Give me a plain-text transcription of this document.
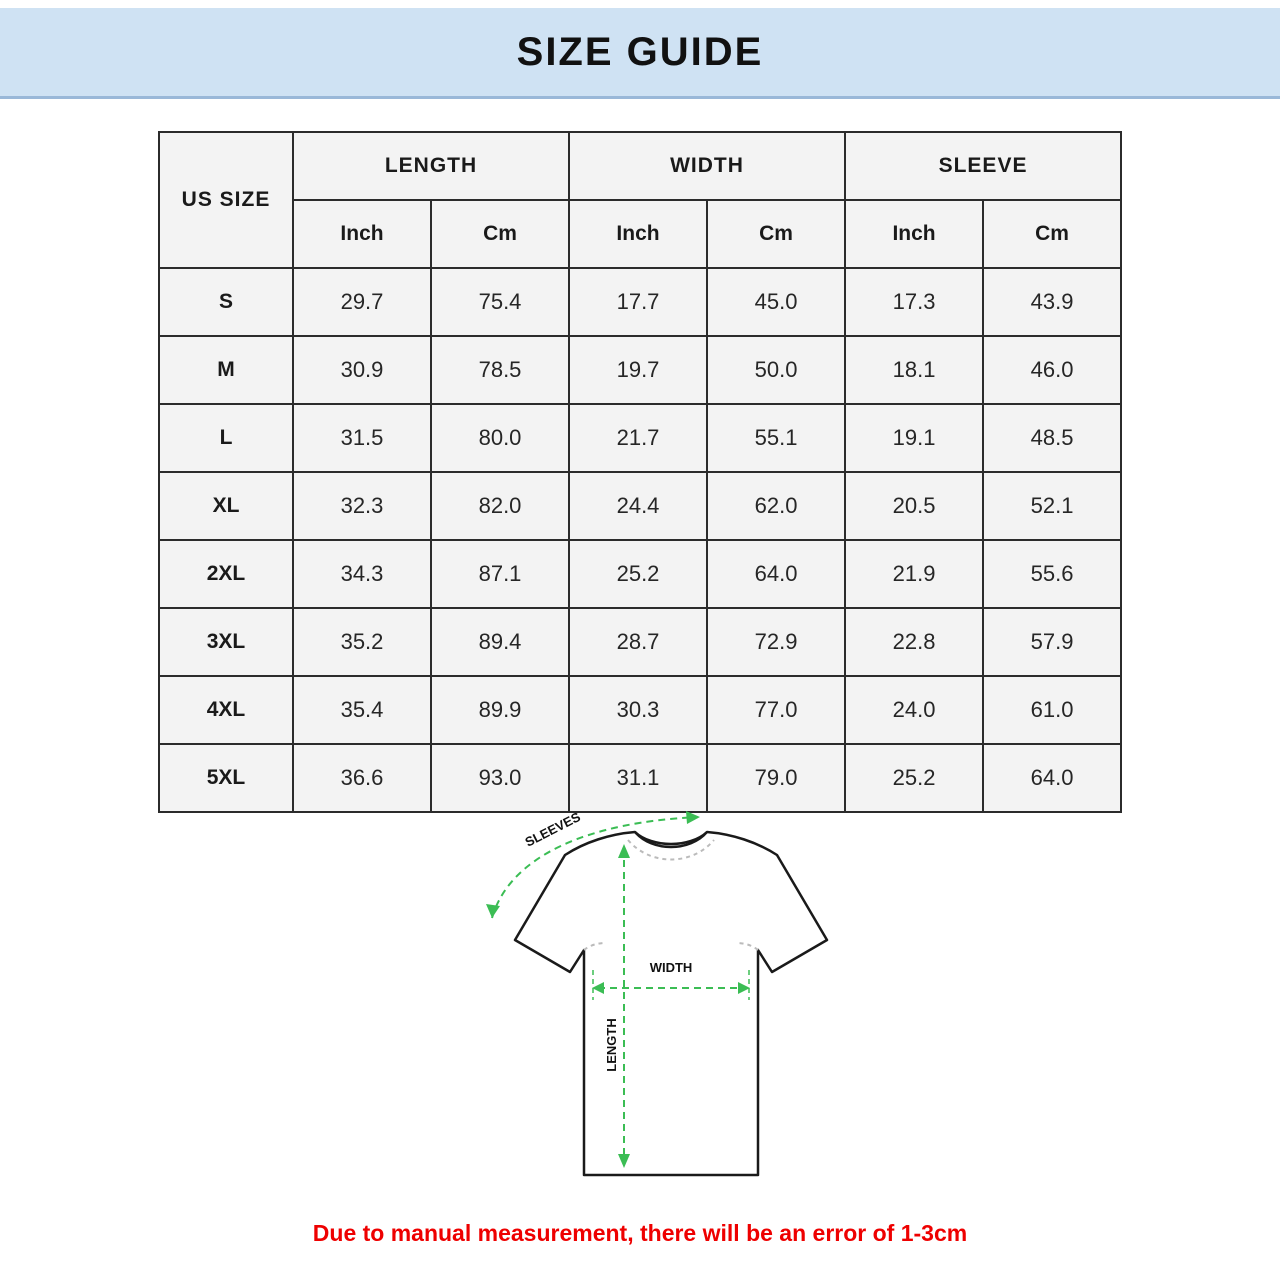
SIZE GUIDE
US SIZE	LENGTH		WIDTH		SLEEVE	
	Inch	Cm	Inch	Cm	Inch	Cm
S	29.7	75.4	17.7	45.0	17.3	43.9
M	30.9	78.5	19.7	50.0	18.1	46.0
L	31.5	80.0	21.7	55.1	19.1	48.5
XL	32.3	82.0	24.4	62.0	20.5	52.1
2XL	34.3	87.1	25.2	64.0	21.9	55.6
3XL	35.2	89.4	28.7	72.9	22.8	57.9
4XL	35.4	89.9	30.3	77.0	24.0	61.0
5XL	36.6	93.0	31.1	79.0	25.2	64.0
SLEEVES
WIDTH
LENGTH
Due to manual measurement, there will be an error of 1-3cm
